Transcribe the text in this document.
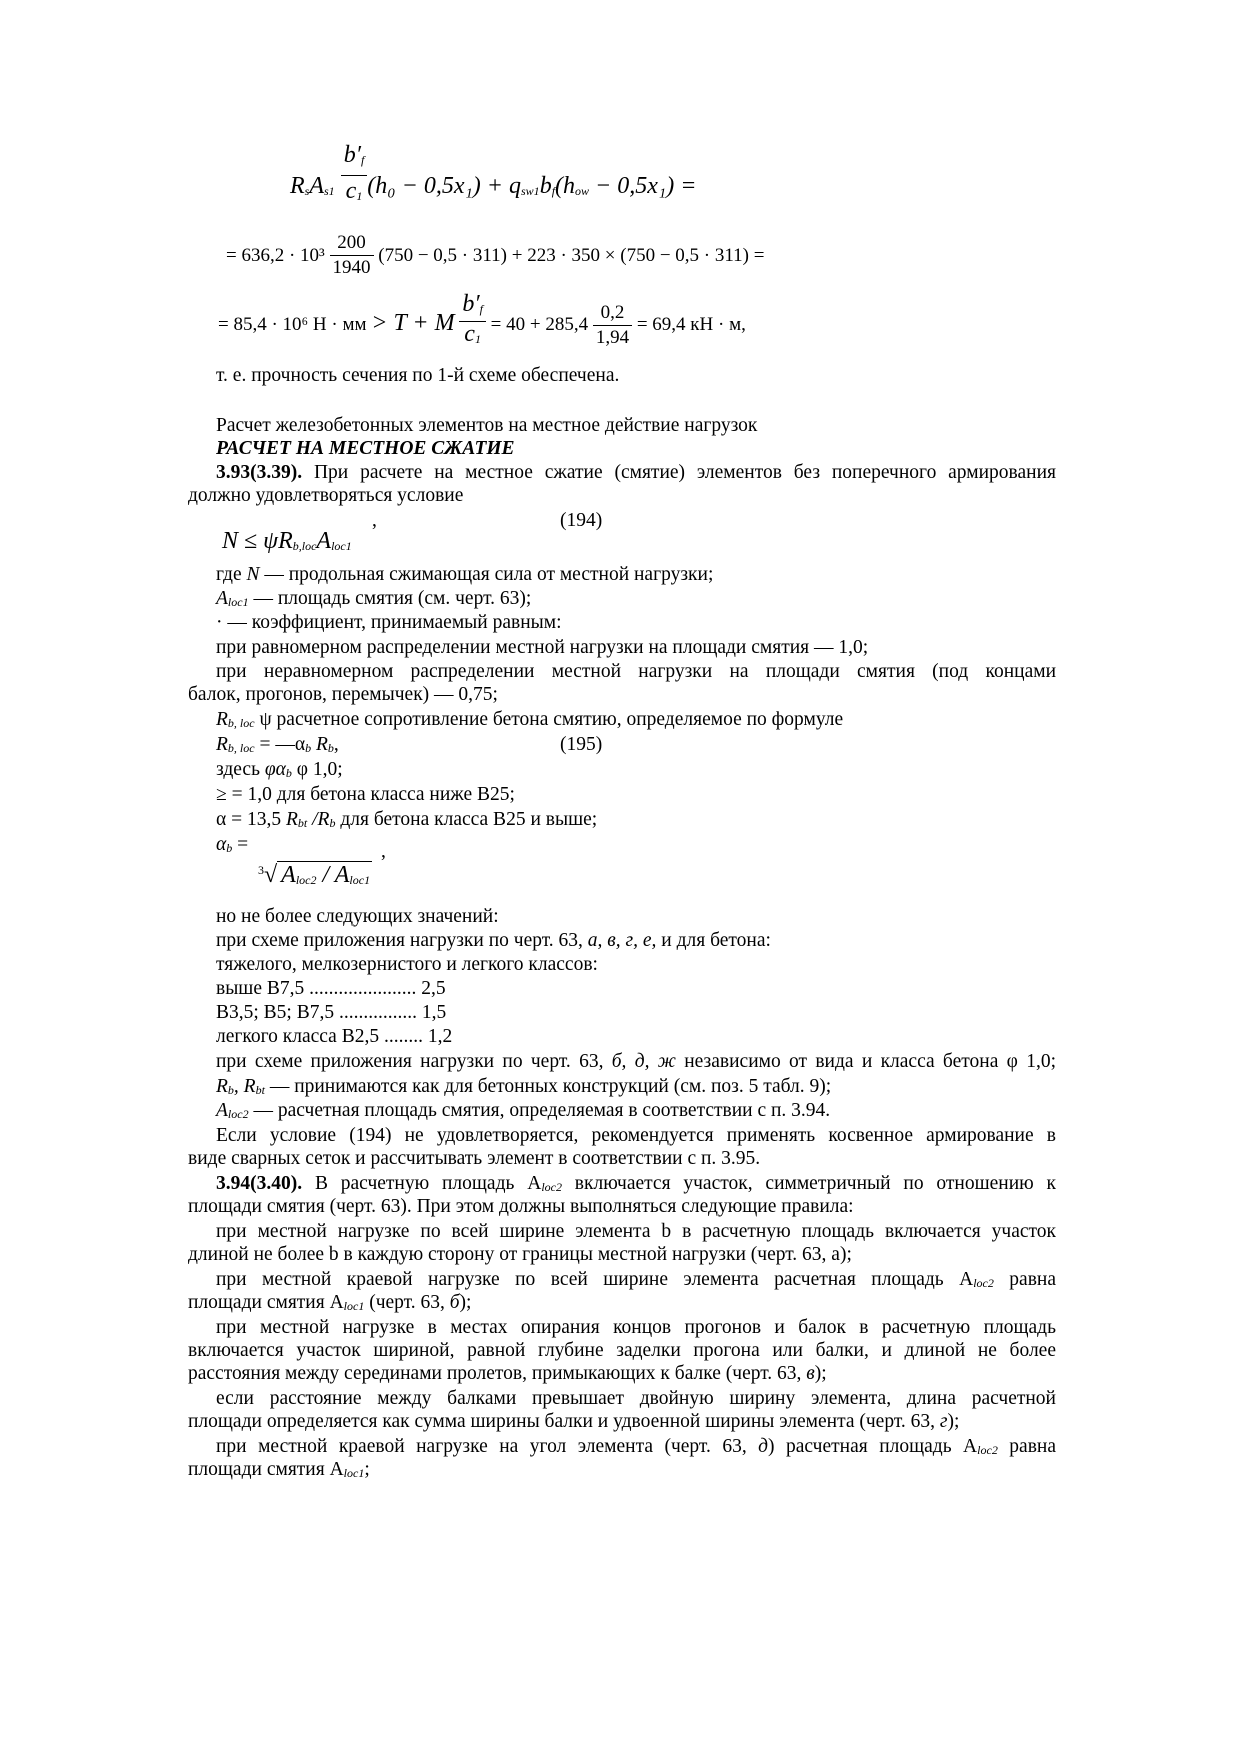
RsAs1 $\frac{b'f}{c1} (h_0 - 0,5x_1) + qsw1bf(how - 0,5x_1)$ =
= $636,2 \cdot 10^3 \frac{200}{1940} (750 - 0,5 \cdot 311) + 223 \cdot 350 \times (750 - 0,5 \cdot 311)$ =
= 85,4 · 10⁶ Н · мм > T + M $\frac{b'f}{c1} = 40 + 285,4 \frac{0,2}{1,94} = 69,4$ кН · м,
т. е. прочность сечения по 1-й схеме обеспечена.
Расчет железобетонных элементов на местное действие нагрузок
РАСЧЕТ НА МЕСТНОЕ СЖАТИЕ
3.93(3.39). При расчете на местное сжатие (смятие) элементов без поперечного армирования
должно удовлетворяться условие
N ≤ ψRb,locAloc1
,	(194)
где N — продольная сжимающая сила от местной нагрузки;
Aloc1 — площадь смятия (см. черт. 63);
· — коэффициент, принимаемый равным:
при равномерном распределении местной нагрузки на площади смятия — 1,0;
при неравномерном распределении местной нагрузки на площади смятия (под концами
балок, прогонов, перемычек) — 0,75;
Rb, loc ψ расчетное сопротивление бетона смятию, определяемое по формуле
Rb, loc = —αb Rb,	(195)
здесь φαb φ 1,0;
≥ = 1,0 для бетона класса ниже В25;
α = 13,5 Rbt /Rb для бетона класса В25 и выше;
αb =	,
$^3$√ Aloc2 / Aloc1
но не более следующих значений:
при схеме приложения нагрузки по черт. 63, а, в, г, е, и для бетона:
тяжелого, мелкозернистого и легкого классов:
выше В7,5 ...................... 2,5
В3,5; В5; В7,5 ................ 1,5
легкого класса В2,5 ........ 1,2
при схеме приложения нагрузки по черт. 63, б, д, ж независимо от вида и класса бетона φ 1,0;
Rb, Rbt — принимаются как для бетонных конструкций (см. поз. 5 табл. 9);
Aloc2 — расчетная площадь смятия, определяемая в соответствии с п. 3.94.
Если условие (194) не удовлетворяется, рекомендуется применять косвенное армирование в
виде сварных сеток и рассчитывать элемент в соответствии с п. 3.95.
3.94(3.40). В расчетную площадь Aloc2 включается участок, симметричный по отношению к
площади смятия (черт. 63). При этом должны выполняться следующие правила:
при местной нагрузке по всей ширине элемента b в расчетную площадь включается участок
длиной не более b в каждую сторону от границы местной нагрузки (черт. 63, а);
при местной краевой нагрузке по всей ширине элемента расчетная площадь Aloc2 равна
площади смятия Aloc1 (черт. 63, б);
при местной нагрузке в местах опирания концов прогонов и балок в расчетную площадь
включается участок шириной, равной глубине заделки прогона или балки, и длиной не более
расстояния между серединами пролетов, примыкающих к балке (черт. 63, в);
если расстояние между балками превышает двойную ширину элемента, длина расчетной
площади определяется как сумма ширины балки и удвоенной ширины элемента (черт. 63, г);
при местной краевой нагрузке на угол элемента (черт. 63, д) расчетная площадь Aloc2 равна
площади смятия Aloc1;
